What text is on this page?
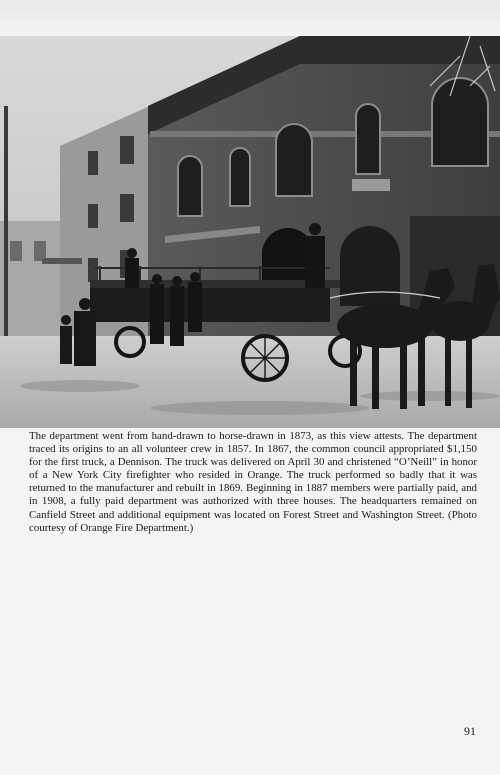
The department went from hand-drawn to horse-drawn in 1873, as this view attests. The department traced its origins to an all volunteer crew in 1857. In 1867, the common council appropriated $1,150 for the first truck, a Dennison. The truck was delivered on April 30 and christened “O’Neill” in honor of a New York City firefighter who resided in Orange. The truck performed so badly that it was returned to the manufacturer and rebuilt in 1869. Beginning in 1887 members were partially paid, and in 1908, a fully paid department was authorized with three houses. The headquarters remained on Canfield Street and additional equipment was located on Forest Street and Washington Street. (Photo courtesy of Orange Fire Department.)

91
